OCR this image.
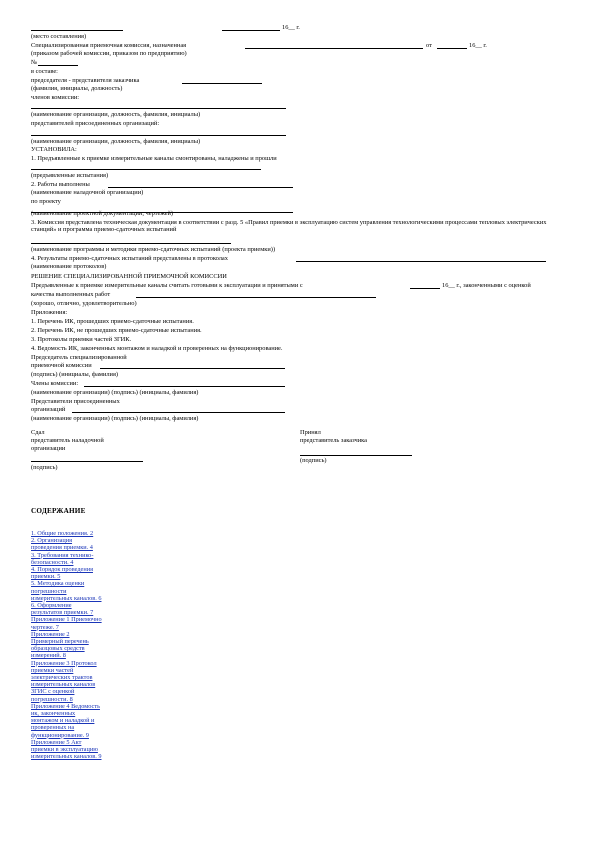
16__ г.
(место составления)
Специализированная приемочная комиссия, назначенная	от	16__ г.
(приказом рабочей комиссии, приказом по предприятию)
№
в составе:
председателя - представителя заказчика
(фамилия, инициалы, должность)
членов комиссии:
(наименование организации, должность, фамилия, инициалы)
представителей присоединенных организаций:
(наименование организации, должность, фамилия, инициалы)
УСТАНОВИЛА:
1. Предъявленные к приемке измерительные каналы смонтированы, наладжены и прошли
(предъявленные испытания)
2. Работы выполнены
(наименование наладочной организации)
по проекту
(наименование проектной документации, чертежей)
3. Комиссия представлена техническая документация в соответствии с разд. 5 «Правил приемки в эксплуатацию систем управления технологическими процессами тепловых электрических станций» и программа приемо-сдаточных испытаний
(наименование программы и методики приемо-сдаточных испытаний (проекта приемки))
4. Результаты приемо-сдаточных испытаний представлены в протоколах
(наименование протоколов)
РЕШЕНИЕ СПЕЦИАЛИЗИРОВАННОЙ ПРИЕМОЧНОЙ КОМИССИИ
Предъявленные к приемке измерительные каналы считать готовыми к эксплуатации и принятыми с	16__ г., законченными с оценкой
качества выполненных работ
(хорошо, отлично, удовлетворительно)
Приложения:
1. Перечень ИК, прошедших приемо-сдаточные испытания.
2. Перечень ИК, не прошедших приемо-сдаточные испытания.
3. Протоколы приемки частей ЗГИК.
4. Ведомость ИК, законченных монтажом и наладкой и проверенных на функционирование.
Председатель специализированной
приемочной комиссии
(подпись) (инициалы, фамилия)
Члены комиссии:
(наименование организации) (подпись) (инициалы, фамилия)
Представители присоединенных
организаций
(наименование организации) (подпись) (инициалы, фамилия)
Сдал
представитель наладочной
организации
(подпись)
Принял
представитель заказчика
(подпись)
СОДЕРЖАНИЕ
1. Общие положения. 2
2. Организация
проведения приемки. 4
3. Требования технико-
безопасности. 4
4. Порядок проведения
приемки. 5
5. Методика оценки
погрешности
измерительных каналов. 6
6. Оформление
результатов приемки. 7
Приложение 1 Приемочно
чертеже. 7
Приложение 2
Примерный перечень
образцовых средств
измерений. 8
Приложение 3 Протокол
приемки частей
электрических трактов
измерительных каналов
ЗГИС с оценкой
погрешности. 8
Приложение 4 Ведомость
ик, законченных
монтажом и наладкой и
проверенных на
функционирование. 9
Приложение 5 Акт
приемки в эксплуатацию
измерительных каналов. 9
